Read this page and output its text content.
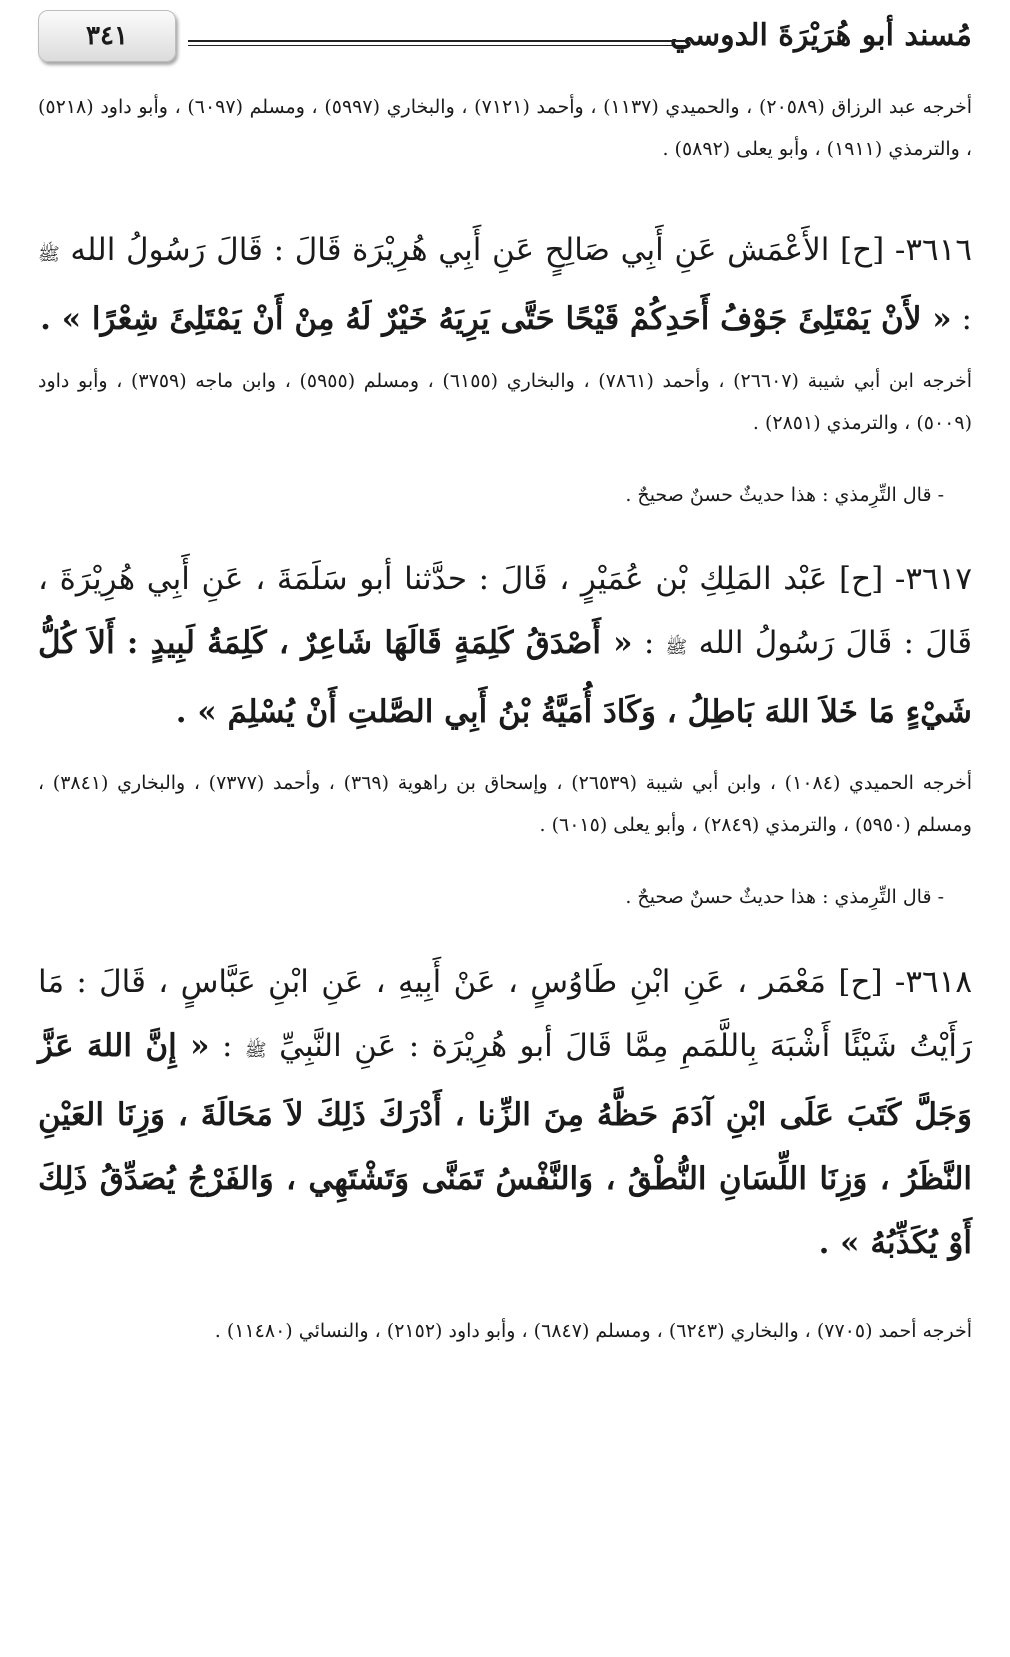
مُسند أبو هُرَيْرَةَ الدوسي
٣٤١
أخرجه عبد الرزاق (٢٠٥٨٩) ، والحميدي (١١٣٧) ، وأحمد (٧١٢١) ، والبخاري (٥٩٩٧) ، ومسلم (٦٠٩٧) ، وأبو داود (٥٢١٨) ، والترمذي (١٩١١) ، وأبو يعلى (٥٨٩٢) .
٣٦١٦- [ح] الأَعْمَش عَنِ أَبِي صَالِحٍ عَنِ أَبِي هُرِيْرَة قَالَ : قَالَ رَسُولُ الله ﷺ : « لأَنْ يَمْتَلِئَ جَوْفُ أَحَدِكُمْ قَيْحًا حَتَّى يَرِيَهُ خَيْرٌ لَهُ مِنْ أَنْ يَمْتَلِئَ شِعْرًا » .
أخرجه ابن أبي شيبة (٢٦٦٠٧) ، وأحمد (٧٨٦١) ، والبخاري (٦١٥٥) ، ومسلم (٥٩٥٥) ، وابن ماجه (٣٧٥٩) ، وأبو داود (٥٠٠٩) ، والترمذي (٢٨٥١) .
- قال التِّرِمذي : هذا حديثٌ حسنٌ صحيحٌ .
٣٦١٧- [ح] عَبْد المَلِكِ بْن عُمَيْرٍ ، قَالَ : حدَّثنا أبو سَلَمَةَ ، عَنِ أَبِي هُرِيْرَةَ ، قَالَ : قَالَ رَسُولُ الله ﷺ : « أَصْدَقُ كَلِمَةٍ قَالَهَا شَاعِرٌ ، كَلِمَةُ لَبِيدٍ : أَلاَ كُلُّ شَيْءٍ مَا خَلاَ اللهَ بَاطِلُ ، وَكَادَ أُمَيَّةُ بْنُ أَبِي الصَّلتِ أَنْ يُسْلِمَ » .
أخرجه الحميدي (١٠٨٤) ، وابن أبي شيبة (٢٦٥٣٩) ، وإسحاق بن راهوية (٣٦٩) ، وأحمد (٧٣٧٧) ، والبخاري (٣٨٤١) ، ومسلم (٥٩٥٠) ، والترمذي (٢٨٤٩) ، وأبو يعلى (٦٠١٥) .
- قال التِّرِمذي : هذا حديثٌ حسنٌ صحيحٌ .
٣٦١٨- [ح] مَعْمَر ، عَنِ ابْنِ طَاوُسٍ ، عَنْ أَبِيهِ ، عَنِ ابْنِ عَبَّاسٍ ، قَالَ : مَا رَأَيْتُ شَيْئًا أَشْبَهَ بِاللَّمَمِ مِمَّا قَالَ أبو هُرِيْرَة : عَنِ النَّبِيِّ ﷺ : « إِنَّ اللهَ عَزَّ وَجَلَّ كَتَبَ عَلَى ابْنِ آدَمَ حَظَّهُ مِنَ الزِّنا ، أَدْرَكَ ذَلِكَ لاَ مَحَالَةَ ، وَزِنَا العَيْنِ النَّظَرُ ، وَزِنَا اللِّسَانِ النُّطْقُ ، وَالنَّفْسُ تَمَنَّى وَتَشْتَهِي ، وَالفَرْجُ يُصَدِّقُ ذَلِكَ أَوْ يُكَذِّبُهُ » .
أخرجه أحمد (٧٧٠٥) ، والبخاري (٦٢٤٣) ، ومسلم (٦٨٤٧) ، وأبو داود (٢١٥٢) ، والنسائي (١١٤٨٠) .
